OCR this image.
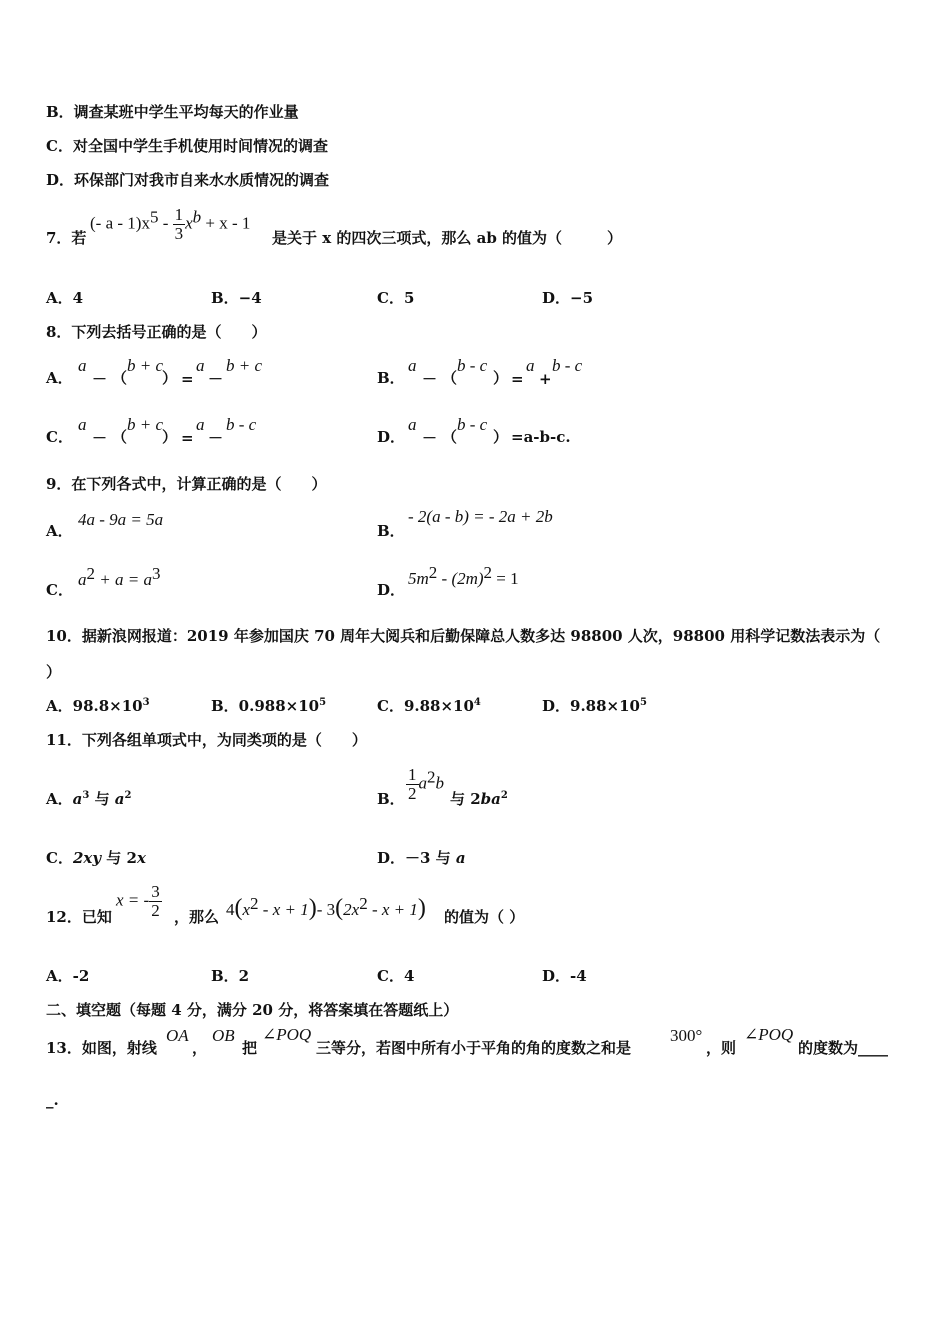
B．调查某班中学生平均每天的作业量
C．对全国中学生手机使用时间情况的调查
D．环保部门对我市自来水水质情况的调查
7．若
(- $a - 1)x^5 - \frac{1}{3} x^b + x - 1$
是关于 x 的四次三项式，那么 ab 的值为（　　　）
A．4	B．−4	C．5	D．−5
8．下列去括号正确的是（　　）
A．
a
－ （
b + c
） =
a
－
b + c
B．
a
－ （
b - c
） =
a
+
b - c
C．
a
－ （
b + c
） =
a
－
b - c
D．
a
－ （
b - c
） =a-b-c.
9．在下列各式中，计算正确的是（　　）
A．
4a - 9a = 5a
B．
- 2(a - b) = - 2a + 2b
C．
$a^2 + a = a^3$
D．
$5m^2 - (2m)^2 = 1$
10．据新浪网报道：2019 年参加国庆 70 周年大阅兵和后勤保障总人数多达 98800 人次，98800 用科学记数法表示为（
）
A．$98.8\times 10^3$	B．$0.988\times 10^5$	C．$9.88\times 10^4$	D．$9.88\times 10^5$
11．下列各组单项式中，为同类项的是（　　）
A．$a^3$ 与 $a^2$	B． $\frac{1}{2} a^2b$
与 $2ba^2$
C．2xy 与 2x	D．－3 与 a
12．已知
x = - $\frac{3}{2}$ ，那么 $4(x^2 - x + 1)-$ $3(2x^2 - x + 1)$ 的值为（ ）
A．-2	B．2	C．4	D．-4
二、填空题（每题 4 分，满分 20 分，将答案填在答题纸上）
13．如图，射线
OA
，
OB
把
∠POQ
三等分，若图中所有小于平角的角的度数之和是
300°
，则
∠POQ
的度数为____
_.
